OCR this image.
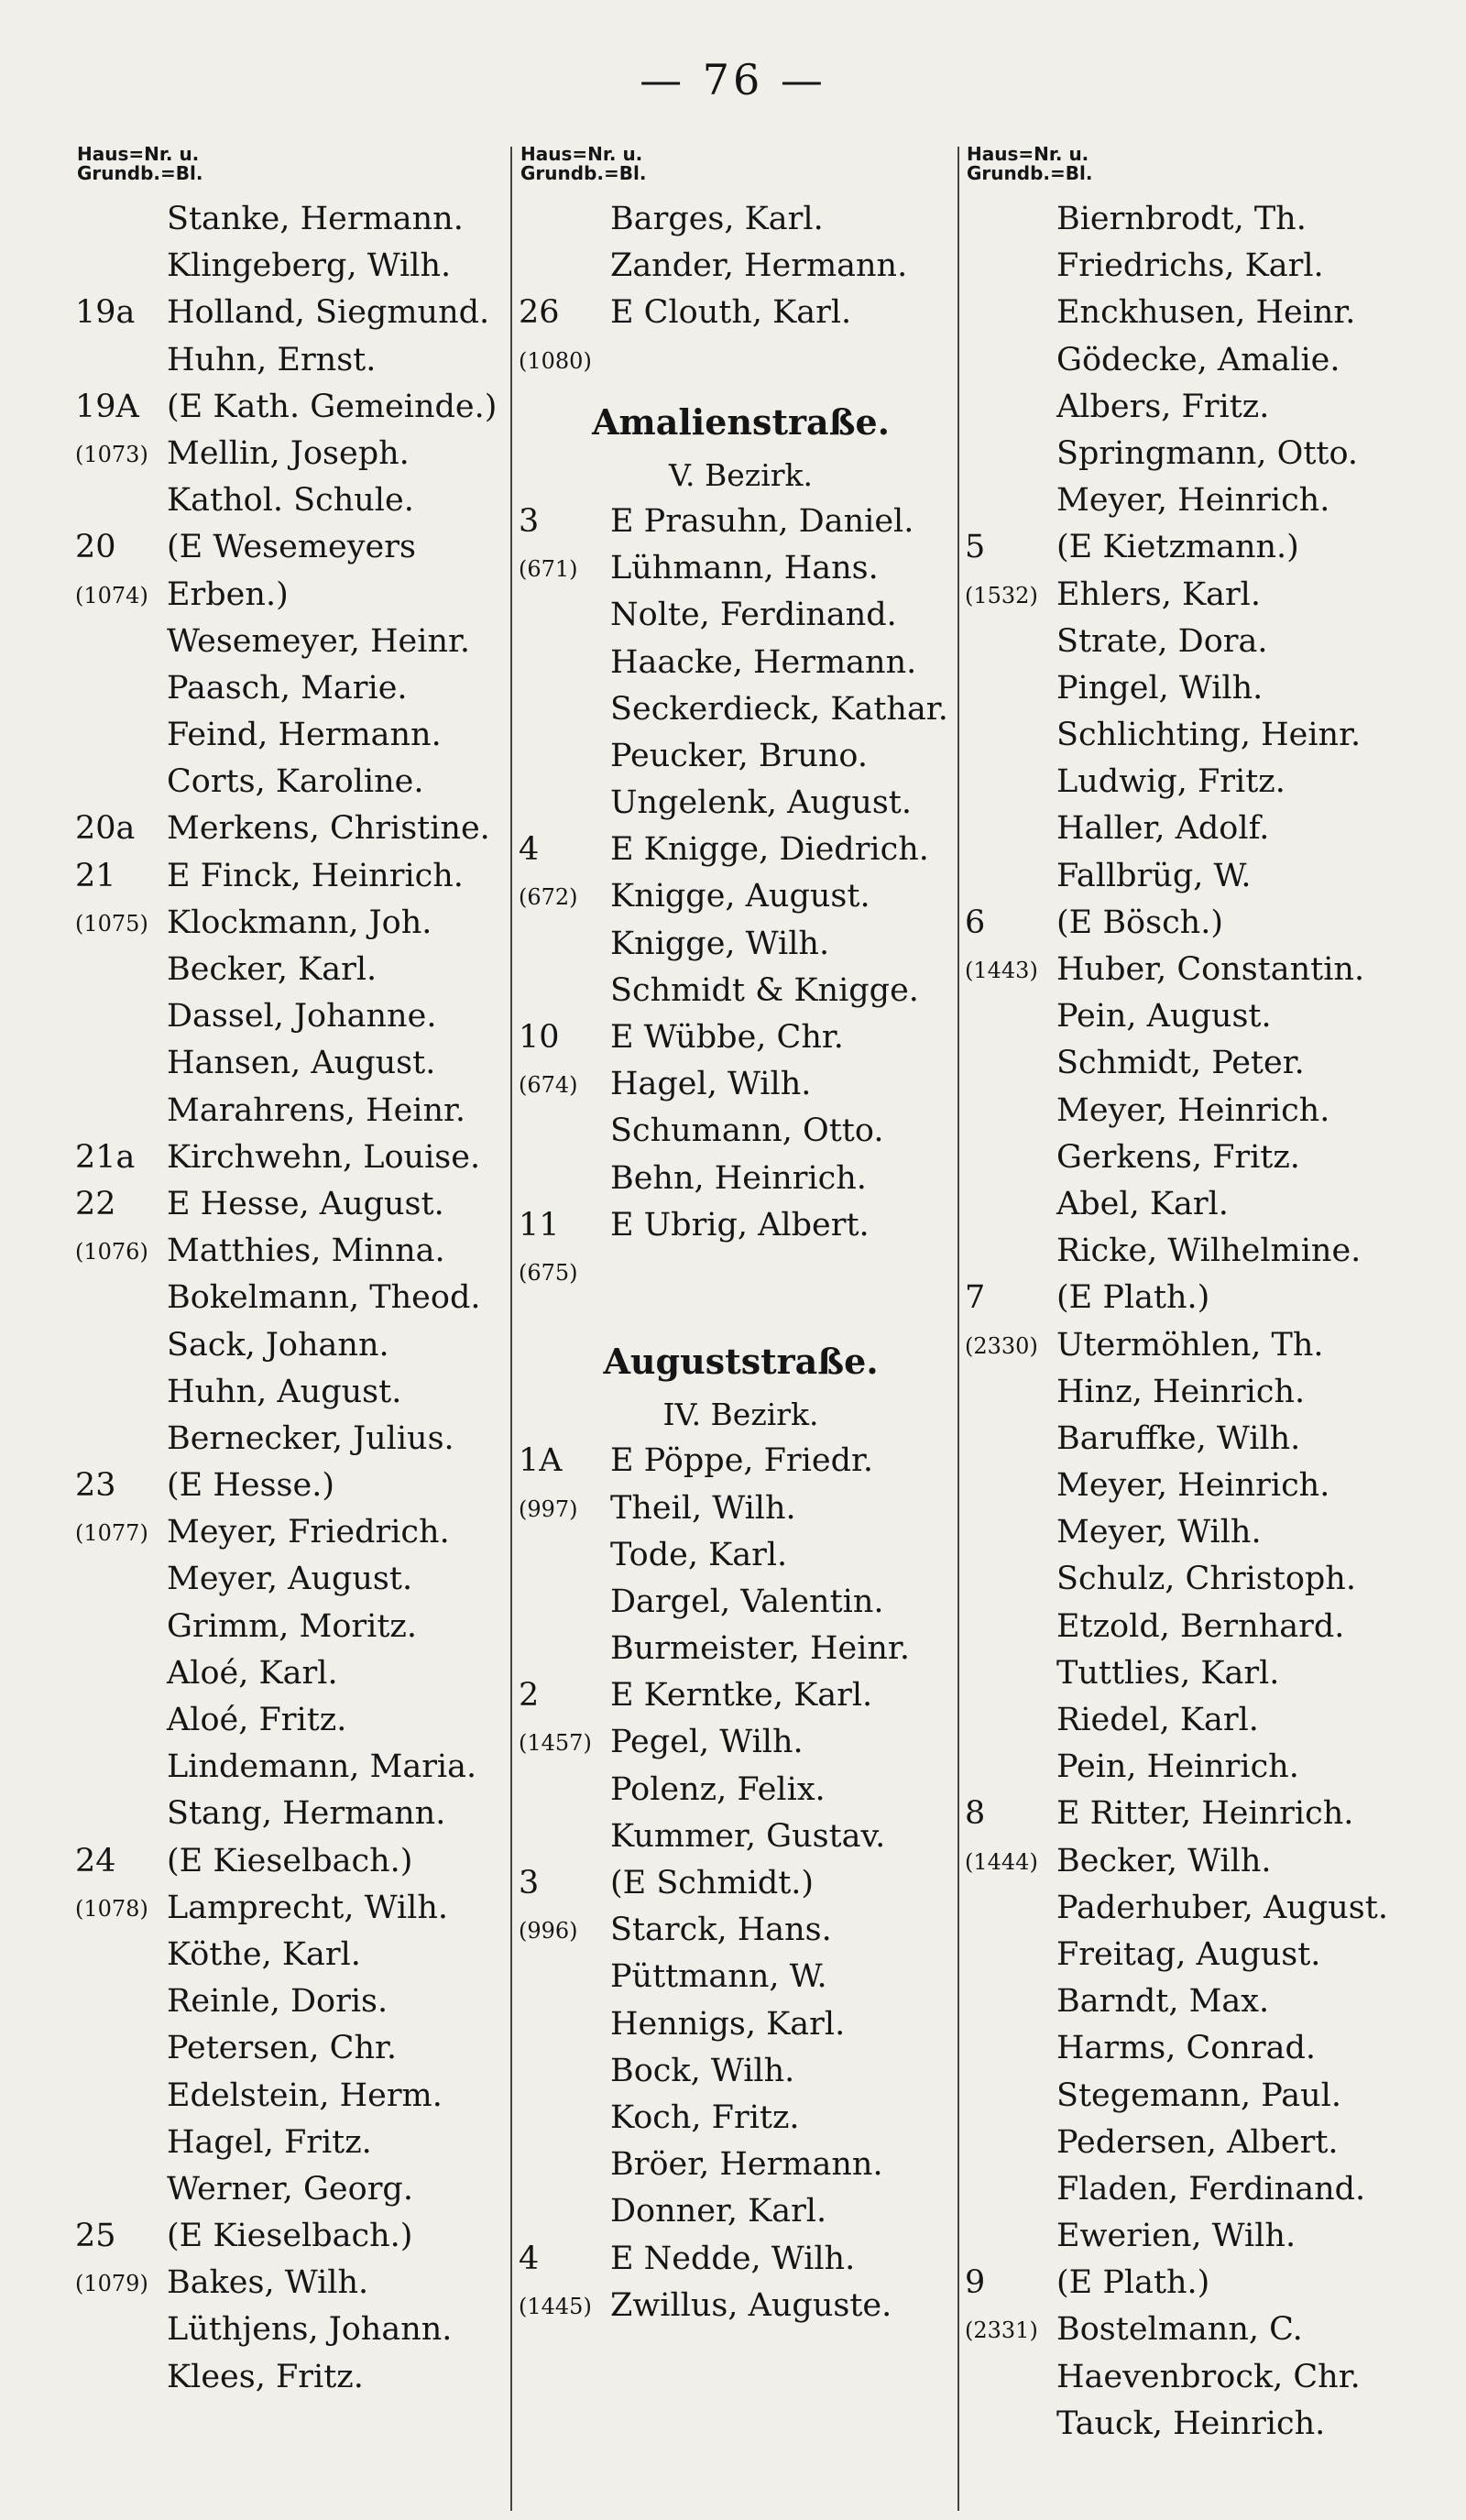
— 76 —
Haus=Nr. u.
Grundb.=Bl.
Stanke, Hermann.
Klingeberg, Wilh.
19a Holland, Siegmund.
Huhn, Ernst.
19A (E Kath. Gemeinde.)
(1073) Mellin, Joseph.
Kathol. Schule.
20 (E Wesemeyers
(1074) Erben.)
Wesemeyer, Heinr.
Paasch, Marie.
Feind, Hermann.
Corts, Karoline.
20a Merkens, Christine.
21 E Finck, Heinrich.
(1075) Klockmann, Joh.
Becker, Karl.
Dassel, Johanne.
Hansen, August.
Marahrens, Heinr.
21a Kirchwehn, Louise.
22 E Hesse, August.
(1076) Matthies, Minna.
Bokelmann, Theod.
Sack, Johann.
Huhn, August.
Bernecker, Julius.
23 (E Hesse.)
(1077) Meyer, Friedrich.
Meyer, August.
Grimm, Moritz.
Aloé, Karl.
Aloé, Fritz.
Lindemann, Maria.
Stang, Hermann.
24 (E Kieselbach.)
(1078) Lamprecht, Wilh.
Köthe, Karl.
Reinle, Doris.
Petersen, Chr.
Edelstein, Herm.
Hagel, Fritz.
Werner, Georg.
25 (E Kieselbach.)
(1079) Bakes, Wilh.
Lüthjens, Johann.
Klees, Fritz.
Haus=Nr. u.
Grundb.=Bl.
Barges, Karl.
Zander, Hermann.
26 E Clouth, Karl.
(1080)
Amalienstraße.
V. Bezirk.
3 E Prasuhn, Daniel.
(671) Lühmann, Hans.
Nolte, Ferdinand.
Haacke, Hermann.
Seckerdieck, Kathar.
Peucker, Bruno.
Ungelenk, August.
4 E Knigge, Diedrich.
(672) Knigge, August.
Knigge, Wilh.
Schmidt & Knigge.
10 E Wübbe, Chr.
(674) Hagel, Wilh.
Schumann, Otto.
Behn, Heinrich.
11 E Ubrig, Albert.
(675)
Auguststraße.
IV. Bezirk.
1A E Pöppe, Friedr.
(997) Theil, Wilh.
Tode, Karl.
Dargel, Valentin.
Burmeister, Heinr.
2 E Kerntke, Karl.
(1457) Pegel, Wilh.
Polenz, Felix.
Kummer, Gustav.
3 (E Schmidt.)
(996) Starck, Hans.
Püttmann, W.
Hennigs, Karl.
Bock, Wilh.
Koch, Fritz.
Bröer, Hermann.
Donner, Karl.
4 E Nedde, Wilh.
(1445) Zwillus, Auguste.
Haus=Nr. u.
Grundb.=Bl.
Biernbrodt, Th.
Friedrichs, Karl.
Enckhusen, Heinr.
Gödecke, Amalie.
Albers, Fritz.
Springmann, Otto.
Meyer, Heinrich.
5 (E Kietzmann.)
(1532) Ehlers, Karl.
Strate, Dora.
Pingel, Wilh.
Schlichting, Heinr.
Ludwig, Fritz.
Haller, Adolf.
Fallbrüg, W.
6 (E Bösch.)
(1443) Huber, Constantin.
Pein, August.
Schmidt, Peter.
Meyer, Heinrich.
Gerkens, Fritz.
Abel, Karl.
Ricke, Wilhelmine.
7 (E Plath.)
(2330) Utermöhlen, Th.
Hinz, Heinrich.
Baruffke, Wilh.
Meyer, Heinrich.
Meyer, Wilh.
Schulz, Christoph.
Etzold, Bernhard.
Tuttlies, Karl.
Riedel, Karl.
Pein, Heinrich.
8 E Ritter, Heinrich.
(1444) Becker, Wilh.
Paderhuber, August.
Freitag, August.
Barndt, Max.
Harms, Conrad.
Stegemann, Paul.
Pedersen, Albert.
Fladen, Ferdinand.
Ewerien, Wilh.
9 (E Plath.)
(2331) Bostelmann, C.
Haevenbrock, Chr.
Tauck, Heinrich.
